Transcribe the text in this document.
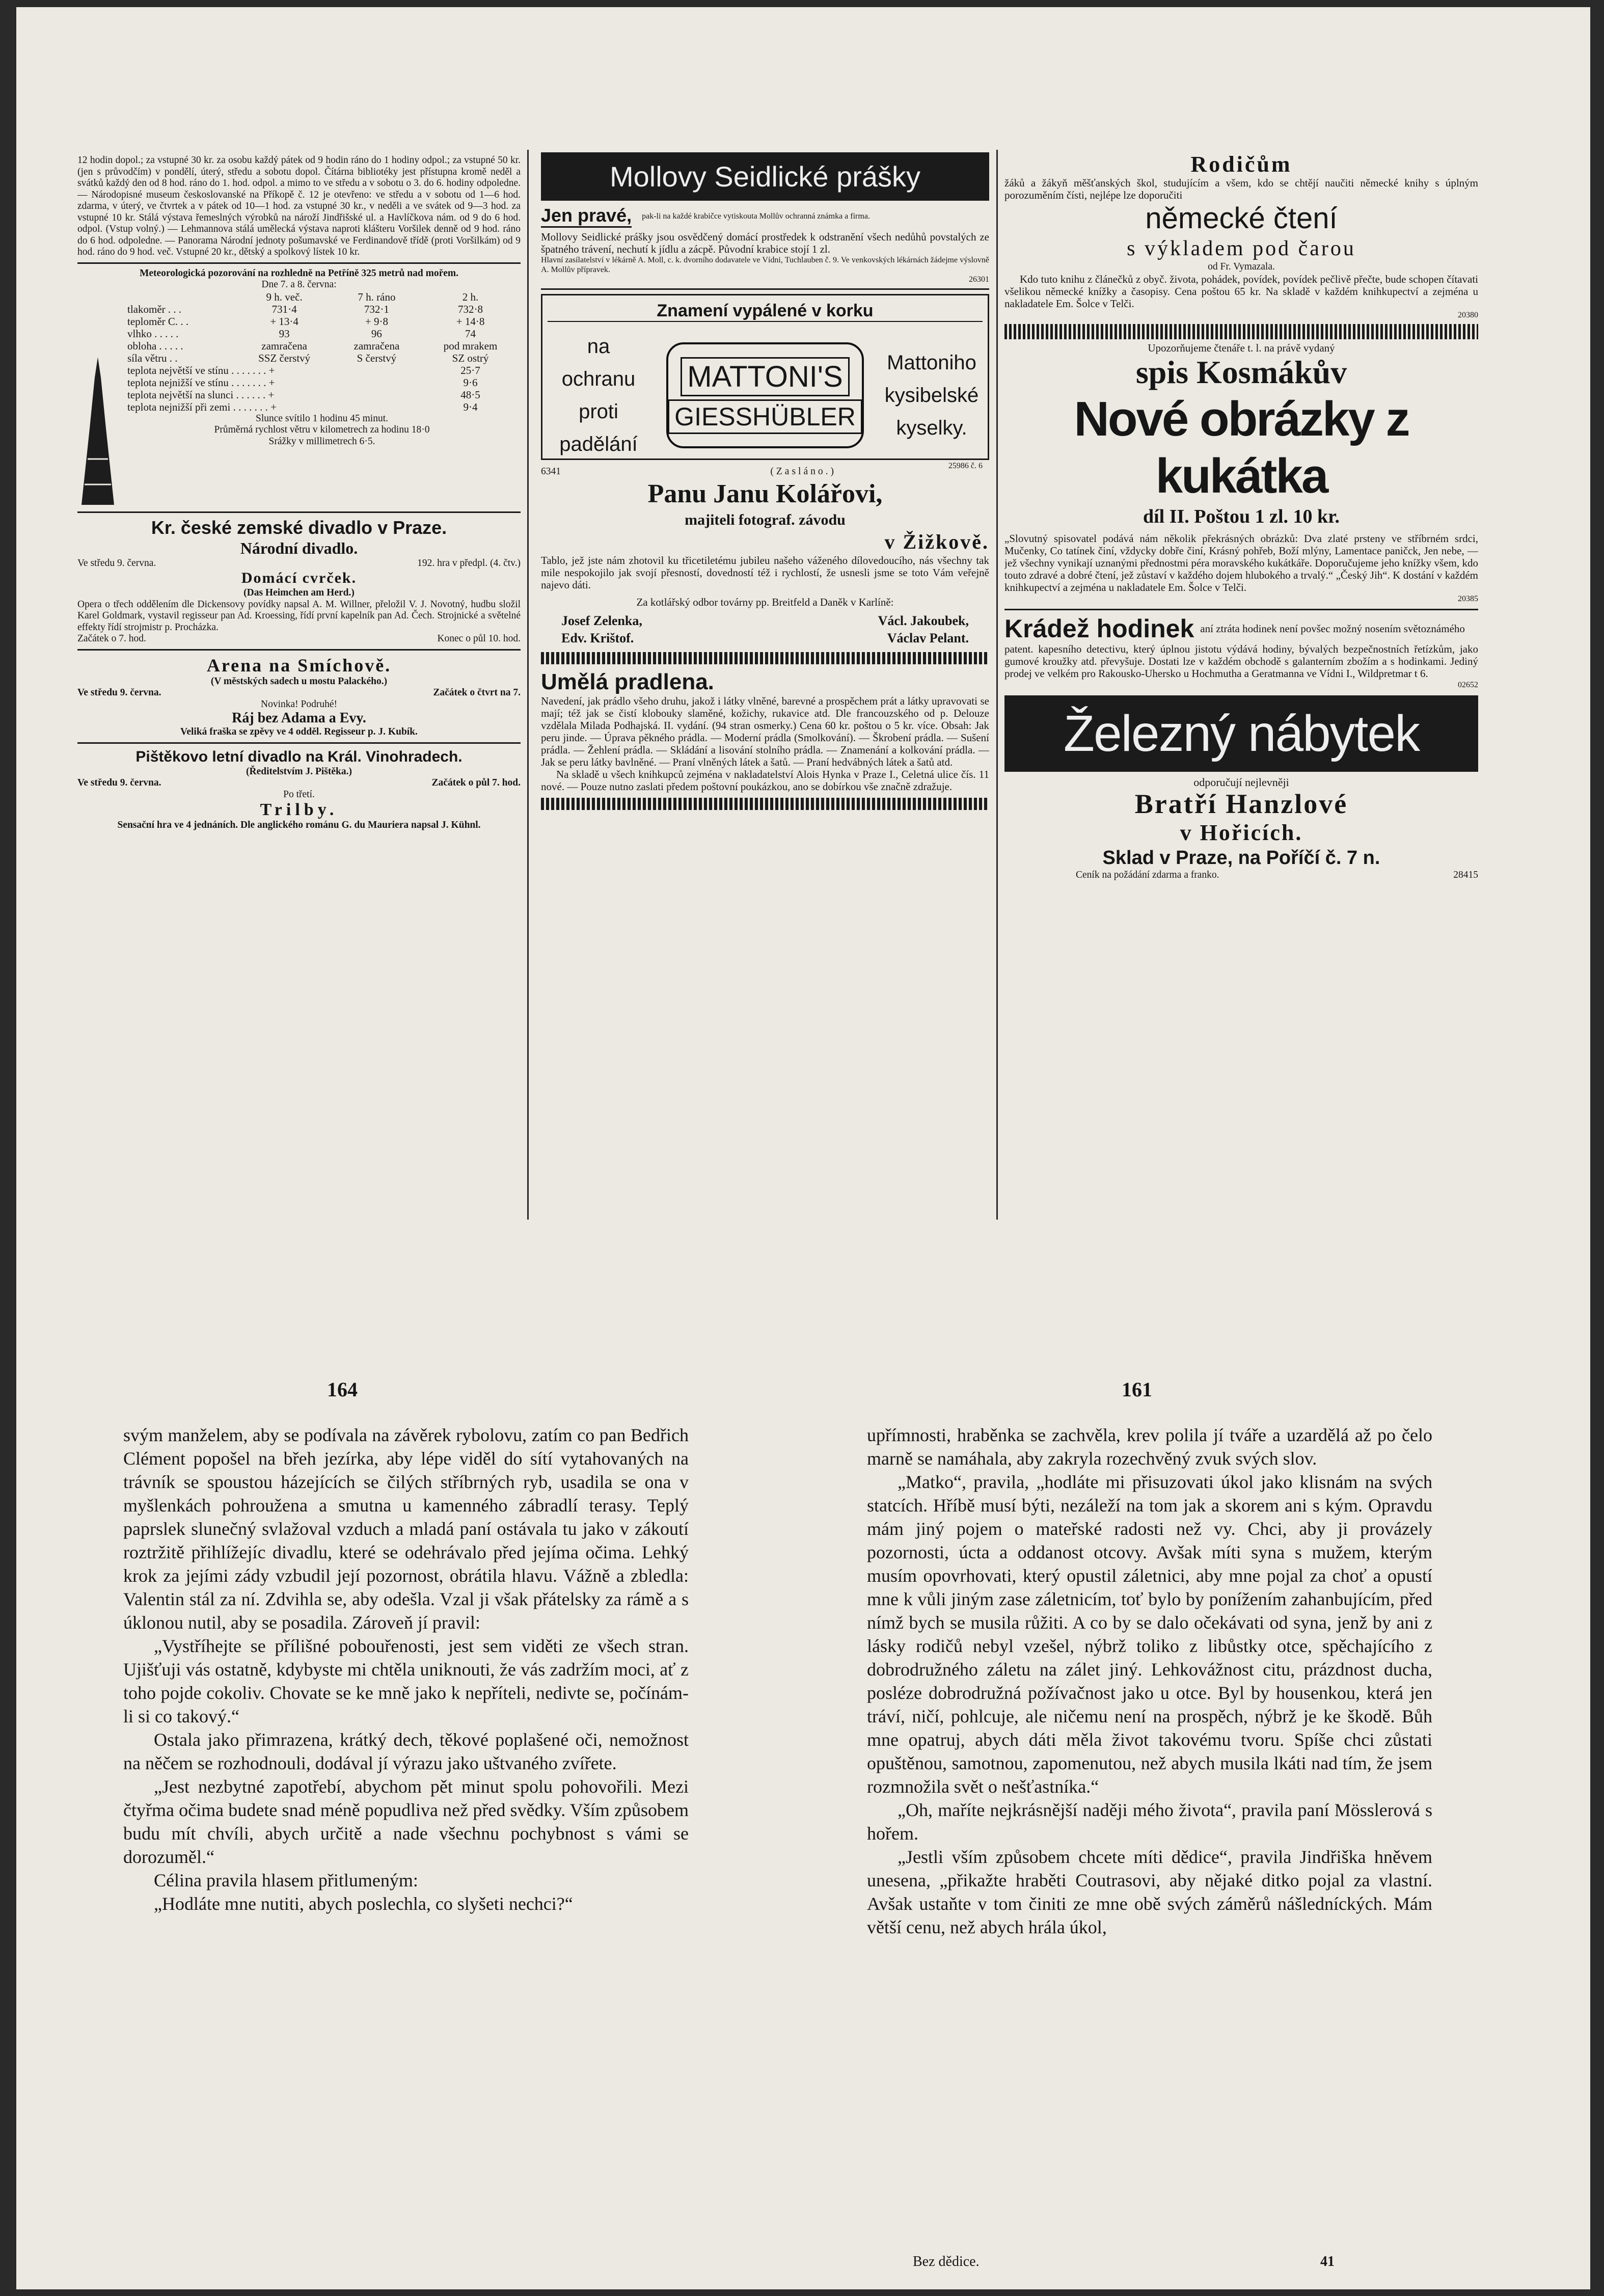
12 hodin dopol.; za vstupné 30 kr. za osobu každý pátek od 9 hodin ráno do 1 hodiny odpol.; za vstupné 50 kr. (jen s průvodčím) v pondělí, úterý, středu a sobotu dopol. Čítárna bibliotéky jest přístupna kromě neděl a svátků každý den od 8 hod. ráno do 1. hod. odpol. a mimo to ve středu a v sobotu o 3. do 6. hodiny odpoledne. — Národopisné museum českoslovanské na Příkopě č. 12 je otevřeno: ve středu a v sobotu od 1—6 hod. zdarma, v úterý, ve čtvrtek a v pátek od 10—1 hod. za vstupné 30 kr., v neděli a ve svátek od 9—3 hod. za vstupné 10 kr. Stálá výstava řemeslných výrobků na nároží Jindřišské ul. a Havlíčkova nám. od 9 do 6 hod. odpol. (Vstup volný.) — Lehmannova stálá umělecká výstava naproti klášteru Voršilek denně od 9 hod. ráno do 6 hod. odpoledne. — Panorama Národní jednoty pošumavské ve Ferdinandově třídě (proti Voršilkám) od 9 hod. ráno do 9 hod. več. Vstupné 20 kr., dětský a spolkový lístek 10 kr.

Meteorologická pozorování na rozhledně na Petříně 325 metrů nad mořem.

Dne 7. a 8. června:

	9 h. več.	7 h. ráno	2 h.
tlakoměr . . .	731·4	732·1	732·8
teploměr C. . .	+ 13·4	+ 9·8	+ 14·8
vlhko . . . . .	93	96	74
obloha . . . . .	zamračena	zamračena	pod mrakem
síla větru . .	SSZ čerstvý	S čerstvý	SZ ostrý
teplota největší ve stínu . . . . . . . +			25·7
teplota nejnižší ve stínu . . . . . . . +			9·6
teplota největší na slunci . . . . . . +			48·5
teplota nejnižší při zemi . . . . . . . +			9·4

Slunce svítilo 1 hodinu 45 minut.

Průměrná rychlost větru v kilometrech za hodinu 18·0

Srážky v millimetrech 6·5.

Kr. české zemské divadlo v Praze.

Národní divadlo.

Ve středu 9. června.	192. hra v předpl. (4. čtv.)

Domácí cvrček.

(Das Heimchen am Herd.)

Opera o třech oddělením dle Dickensovy povídky napsal A. M. Willner, přeložil V. J. Novotný, hudbu složil Karel Goldmark, vystavil regisseur pan Ad. Kroessing, řídí první kapelník pan Ad. Čech. Strojnické a světelné effekty řídí strojmistr p. Procházka.

Začátek o 7. hod.	Konec o půl 10. hod.

Arena na Smíchově.

(V městských sadech u mostu Palackého.)

Ve středu 9. června.	Začátek o čtvrt na 7.

Novinka! Podruhé!

Ráj bez Adama a Evy.

Veliká fraška se zpěvy ve 4 odděl. Regisseur p. J. Kubík.

Pištěkovo letní divadlo na Král. Vinohradech.

(Ředitelstvím J. Pištěka.)

Ve středu 9. června.	Začátek o půl 7. hod.

Po třetí.

Trilby.

Sensační hra ve 4 jednáních. Dle anglického románu G. du Mauriera napsal J. Kühnl.

Mollovy Seidlické prášky
Jen pravé, pak-li na každé krabičce vytiskouta Mollův ochranná známka a firma.

Mollovy Seidlické prášky jsou osvědčený domácí prostředek k odstranění všech nedůhů povstalých ze špatného trávení, nechutí k jídlu a zácpě. Původní krabice stojí 1 zl.

Hlavní zasílatelství v lékárně A. Moll, c. k. dvorního dodavatele ve Vídni, Tuchlauben č. 9. Ve venkovských lékárnách žádejme výslovně A. Mollův přípravek.

26301

Znamení vypálené v korku
na ochranu
proti
padělání
MATTONI'S
GIESSHÜBLER
Mattoniho
kysibelské
kyselky.
25986 č. 6
6341	(Zasláno.)

Panu Janu Kolářovi,

majiteli fotograf. závodu

v Žižkově.

Tablo, jež jste nám zhotovil ku třicetiletému jubileu našeho váženého dílovedoucího, nás všechny tak mile nespokojilo jak svojí přesností, dovedností též i rychlostí, že usnesli jsme se toto Vám veřejně najevo dáti.

Za kotlářský odbor továrny pp. Breitfeld a Daněk v Karlíně:

Josef Zelenka,	Václ. Jakoubek,
Edv. Krištof.	Václav Pelant.
Umělá pradlena.

Navedení, jak prádlo všeho druhu, jakož i látky vlněné, barevné a prospěchem prát a látky upravovati se mají; též jak se čistí klobouky slaměné, kožichy, rukavice atd. Dle francouzského od p. Delouze vzdělala Milada Podhajská. II. vydání. (94 stran osmerky.) Cena 60 kr. poštou o 5 kr. více. Obsah: Jak peru jinde. — Úprava pěkného prádla. — Moderní prádla (Smolkování). — Škrobení prádla. — Sušení prádla. — Žehlení prádla. — Skládání a lisování stolního prádla. — Znamenání a kolkování prádla. — Jak se peru látky bavlněné. — Praní vlněných látek a šatů. — Praní hedvábných látek a šatů atd.

Na skladě u všech knihkupců zejména v nakladatelství Alois Hynka v Praze I., Celetná ulice čís. 11 nové. — Pouze nutno zaslati předem poštovní poukázkou, ano se dobírkou vše značně zdražuje.

Rodičům

žáků a žákyň měšťanských škol, studujícím a všem, kdo se chtějí naučiti německé knihy s úplným porozuměním čísti, nejlépe lze doporučiti

německé čtení

s výkladem pod čarou

od Fr. Vymazala.

Kdo tuto knihu z článečků z obyč. života, pohádek, povídek, povídek pečlivě přečte, bude schopen čítavati všelikou německé knížky a časopisy. Cena poštou 65 kr. Na skladě v každém knihkupectví a zejména u nakladatele Em. Šolce v Telči.

20380

Upozorňujeme čtenáře t. l. na právě vydaný

spis Kosmákův

Nové obrázky z kukátka

díl II. Poštou 1 zl. 10 kr.

„Slovutný spisovatel podává nám několik překrásných obrázků: Dva zlaté prsteny ve stříbrném srdci, Mučenky, Co tatínek činí, vždycky dobře činí, Krásný pohřeb, Boží mlýny, Lamentace paničck, Jen nebe, — jež všechny vynikají uznanými přednostmi péra moravského kukátkáře. Doporučujeme jeho knížky všem, kdo touto zdravé a dobré čtení, jež zůstaví v každého dojem hlubokého a trvalý.“ „Český Jih“. K dostání v každém knihkupectví a zejména u nakladatele Em. Šolce v Telči.

20385

Krádež hodinek aní ztráta hodinek není povšec možný nosením světoznámého

patent. kapesního detectivu, který úplnou jistotu výdává hodiny, bývalých bezpečnostních řetízkům, jako gumové kroužky atd. převyšuje. Dostati lze v každém obchodě s galanterním zbožím a s hodinkami. Jediný prodej ve velkém pro Rakousko-Uhersko u Hochmutha a Geratmanna ve Vídni I., Wildpretmar t 6.

02652

Železný nábytek

odporučují nejlevněji

Bratří Hanzlové

v Hořicích.

Sklad v Praze, na Poříčí č. 7 n.

Ceník na požádání zdarma a franko.	28415
164	161

svým manželem, aby se podívala na závěrek rybolovu, zatím co pan Bedřich Clément popošel na břeh jezírka, aby lépe viděl do sítí vytahovaných na trávník se spoustou házejících se čilých stříbrných ryb, usadila se ona v myšlenkách pohroužena a smutna u kamenného zábradlí terasy. Teplý paprslek slunečný svlažoval vzduch a mladá paní ostávala tu jako v zákoutí roztržitě přihlížejíc divadlu, které se odehrávalo před jejíma očima. Lehký krok za jejími zády vzbudil její pozornost, obrátila hlavu. Vážně a zbledla: Valentin stál za ní. Zdvihla se, aby odešla. Vzal ji však přátelsky za rámě a s úklonou nutil, aby se posadila. Zároveň jí pravil:

„Vystříhejte se přílišné pobouřenosti, jest sem viděti ze všech stran. Ujišťuji vás ostatně, kdybyste mi chtěla uniknouti, že vás zadržím moci, ať z toho pojde cokoliv. Chovate se ke mně jako k nepříteli, nedivte se, počínám-li si co takový.“

Ostala jako přimrazena, krátký dech, těkové poplašené oči, nemožnost na něčem se rozhodnouli, dodával jí výrazu jako uštvaného zvířete.

„Jest nezbytné zapotřebí, abychom pět minut spolu pohovořili. Mezi čtyřma očima budete snad méně popudliva než před svědky. Vším způsobem budu mít chvíli, abych určitě a nade všechnu pochybnost s vámi se dorozuměl.“

Célina pravila hlasem přitlumeným:

„Hodláte mne nutiti, abych poslechla, co slyšeti nechci?“

upřímnosti, hraběnka se zachvěla, krev polila jí tváře a uzardělá až po čelo marně se namáhala, aby zakryla rozechvěný zvuk svých slov.

„Matko“, pravila, „hodláte mi přisuzovati úkol jako klisnám na svých statcích. Hříbě musí býti, nezáleží na tom jak a skorem ani s kým. Opravdu mám jiný pojem o mateřské radosti než vy. Chci, aby ji provázely pozornosti, úcta a oddanost otcovy. Avšak míti syna s mužem, kterým musím opovrhovati, který opustil záletnici, aby mne pojal za choť a opustí mne k vůli jiným zase záletnicím, toť bylo by ponížením zahanbujícím, před nímž bych se musila růžiti. A co by se dalo očekávati od syna, jenž by ani z lásky rodičů nebyl vzešel, nýbrž toliko z libůstky otce, spěchajícího z dobrodružného záletu na zálet jiný. Lehkovážnost citu, prázdnost ducha, posléze dobrodružná požívačnost jako u otce. Byl by housenkou, která jen tráví, ničí, pohlcuje, ale ničemu není na prospěch, nýbrž je ke škodě. Bůh mne opatruj, abych dáti měla život takovému tvoru. Spíše chci zůstati opuštěnou, samotnou, zapomenutou, než abych musila lkáti nad tím, že jsem rozmnožila svět o nešťastníka.“

„Oh, maříte nejkrásnější naději mého života“, pravila paní Mösslerová s hořem.

„Jestli vším způsobem chcete míti dědice“, pravila Jindřiška hněvem unesena, „přikažte hraběti Coutrasovi, aby nějaké ditko pojal za vlastní. Avšak ustaňte v tom činiti ze mne obě svých záměrů nášledníckých. Mám větší cenu, než abych hrála úkol,

Bez dědice.	41
